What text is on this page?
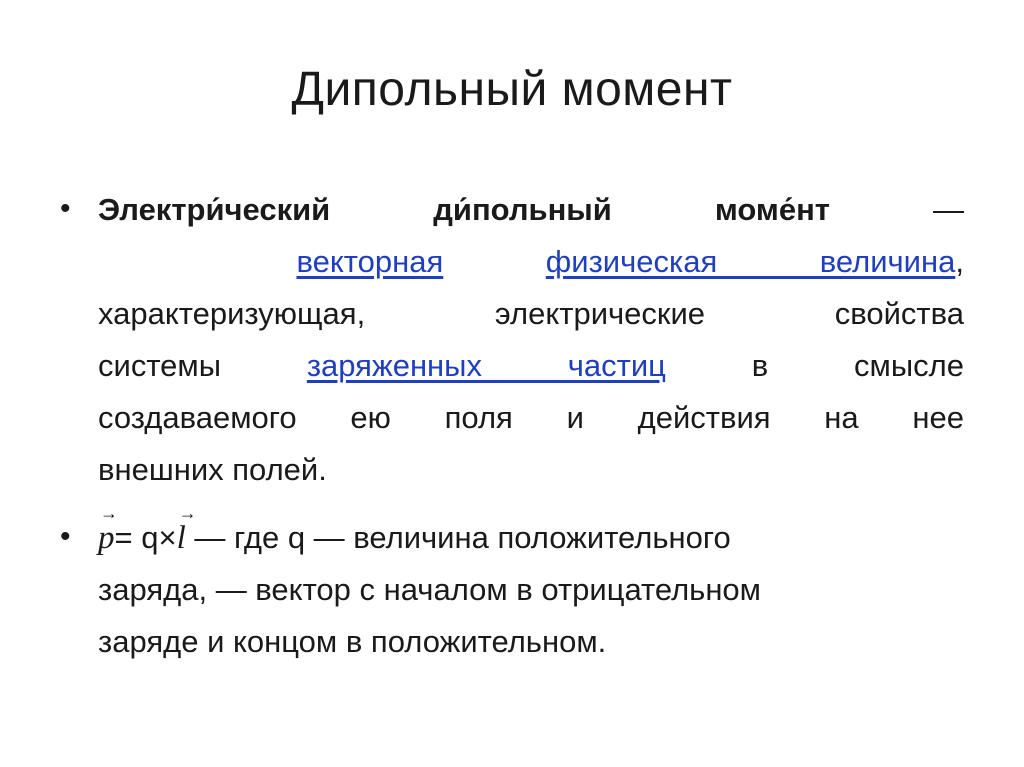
Дипольный момент
• Электри́ческий	ди́польный	моме́нт	—
векторная	физическая величина,
характеризующая,	электрические	свойства
системы	заряженных частиц	в	смысле
создаваемого ею поля и действия на нее
внешних полей.
•
→
p= q×
→
l — где q — величина положительного
заряда, — вектор с началом в отрицательном
заряде и концом в положительном.
